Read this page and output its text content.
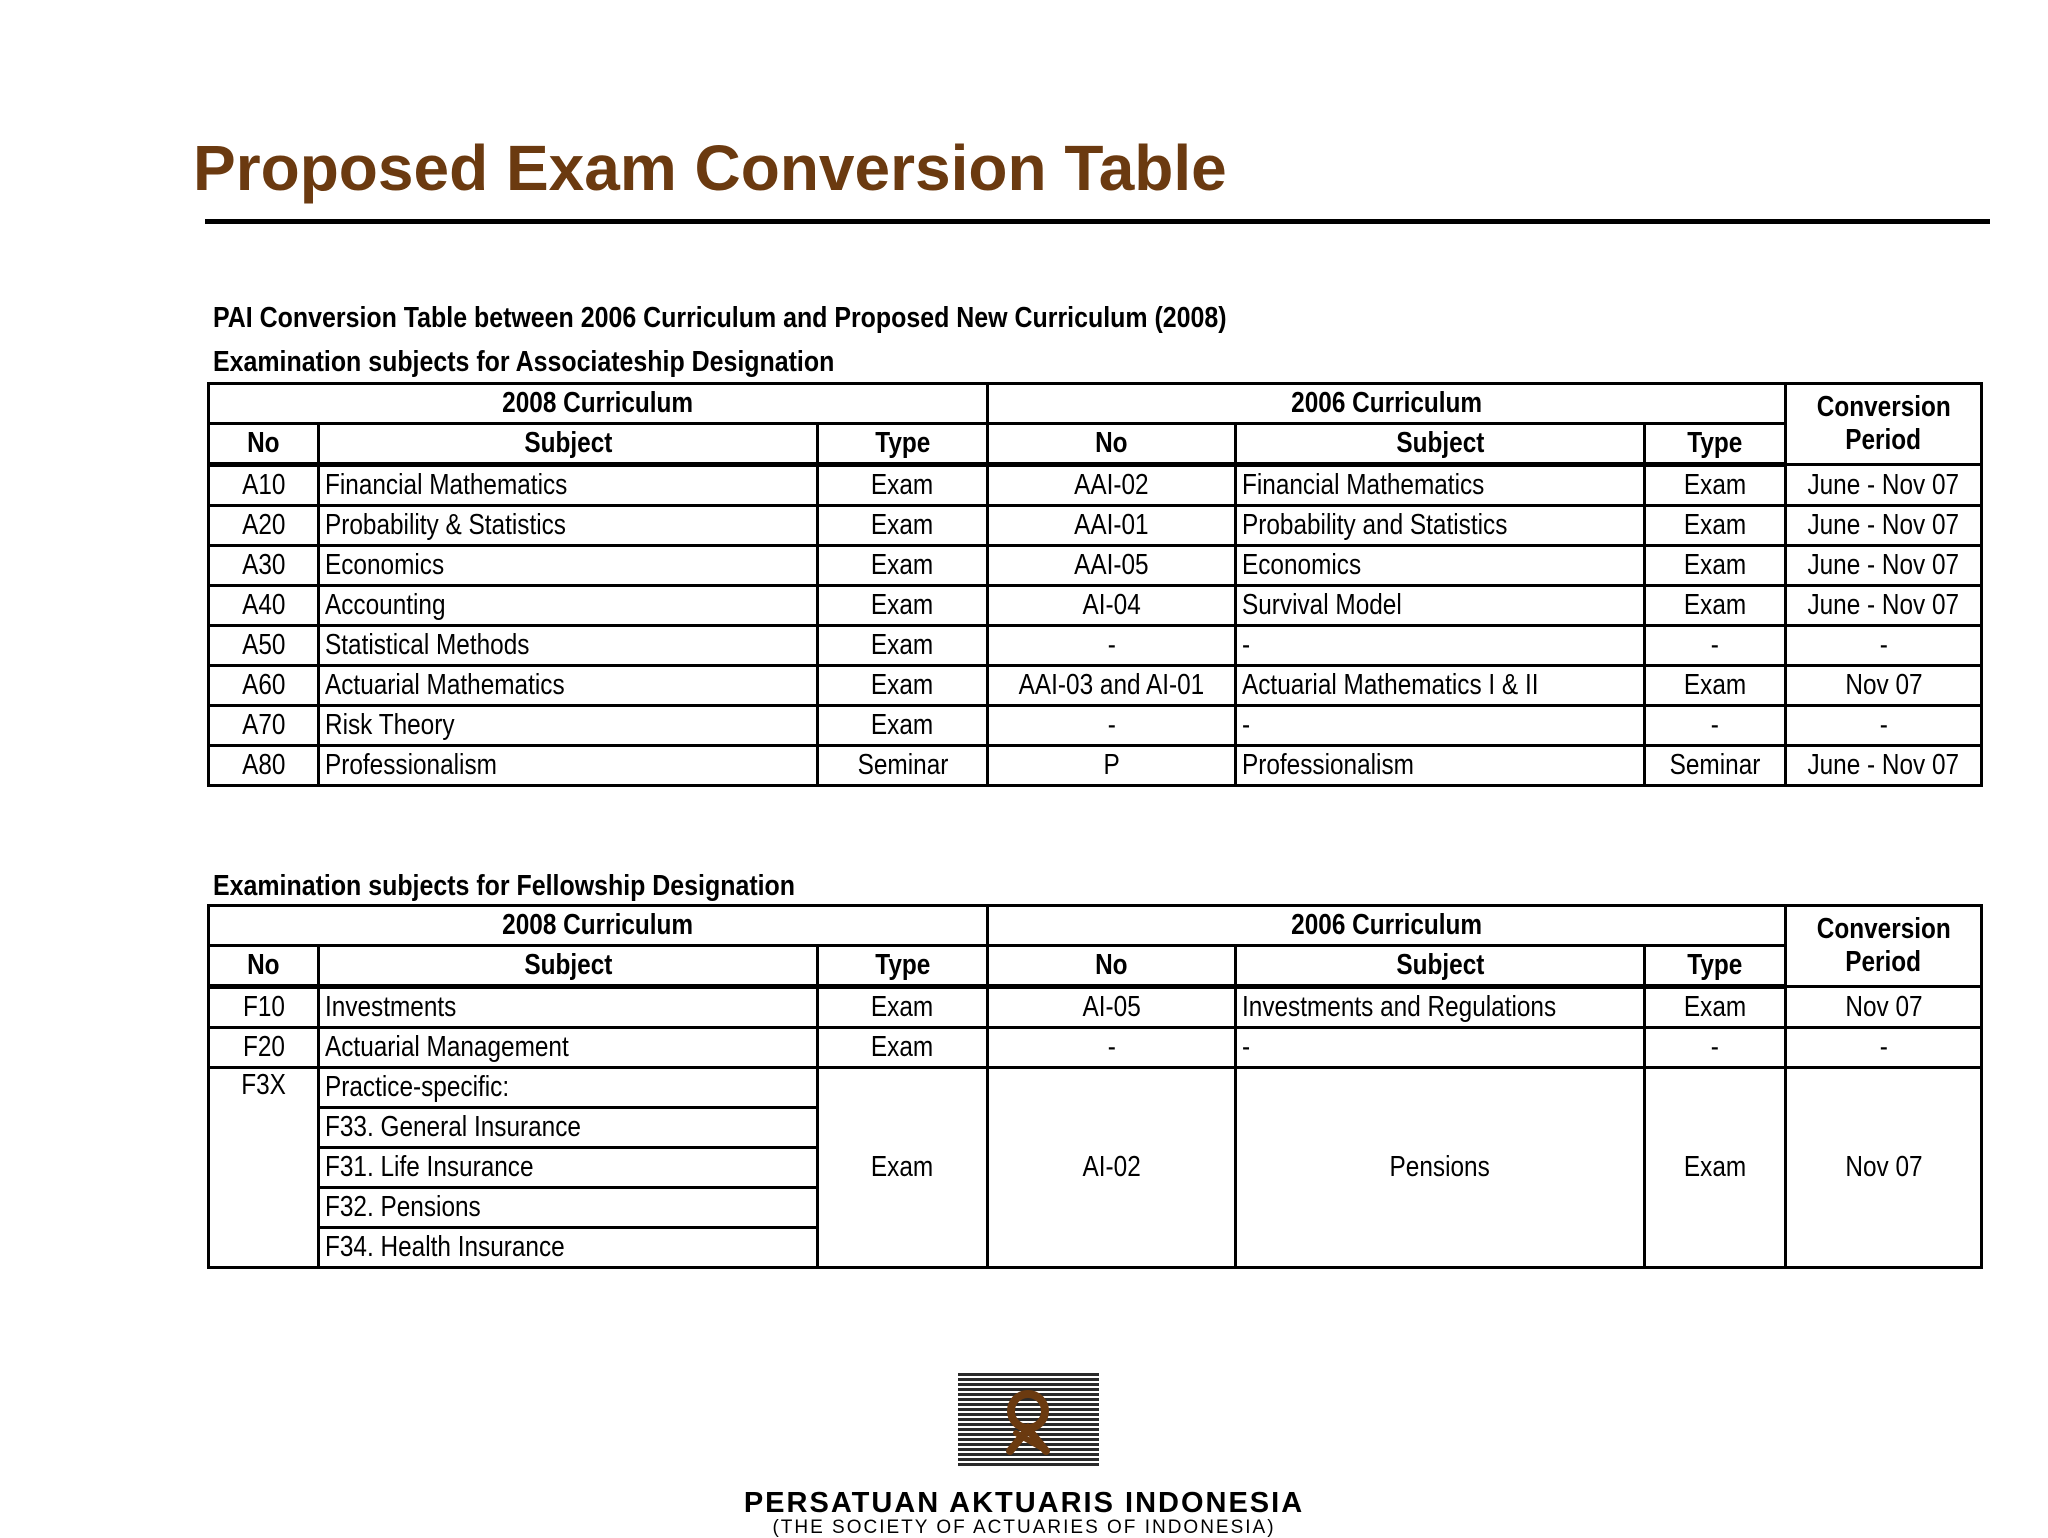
Proposed Exam Conversion Table
PAI Conversion Table between 2006 Curriculum and Proposed New Curriculum (2008)
Examination subjects for Associateship Designation
2008 Curriculum			2006 Curriculum			Conversion
Period
No	Subject	Type	No	Subject	Type	
A10	Financial Mathematics	Exam	AAI-02	Financial Mathematics	Exam	June - Nov 07
A20	Probability & Statistics	Exam	AAI-01	Probability and Statistics	Exam	June - Nov 07
A30	Economics	Exam	AAI-05	Economics	Exam	June - Nov 07
A40	Accounting	Exam	AI-04	Survival Model	Exam	June - Nov 07
A50	Statistical Methods	Exam	-	-	-	-
A60	Actuarial Mathematics	Exam	AAI-03 and AI-01	Actuarial Mathematics I & II	Exam	Nov 07
A70	Risk Theory	Exam	-	-	-	-
A80	Professionalism	Seminar	P	Professionalism	Seminar	June - Nov 07
Examination subjects for Fellowship Designation
2008 Curriculum			2006 Curriculum			Conversion
Period
No	Subject	Type	No	Subject	Type	
F10	Investments	Exam	AI-05	Investments and Regulations	Exam	Nov 07
F20	Actuarial Management	Exam	-	-	-	-
F3X	Practice-specific:	Exam	AI-02	Pensions	Exam	Nov 07
	F33. General Insurance					
	F31. Life Insurance					
	F32. Pensions					
	F34. Health Insurance					
PERSATUAN AKTUARIS INDONESIA
(THE SOCIETY OF ACTUARIES OF INDONESIA)
